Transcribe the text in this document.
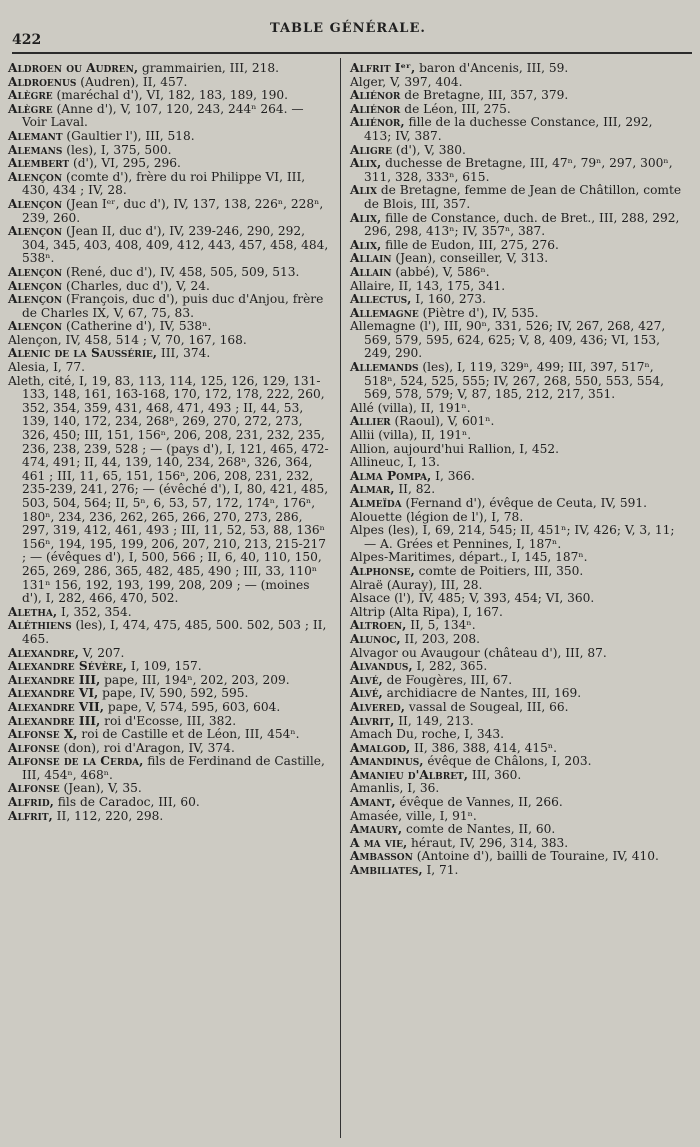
422
TABLE GÉNÉRALE.

Aldroen ou Audren, grammairien, III, 218.

Aldroenus (Audren), II, 457.

Alègre (maréchal d'), VI, 182, 183, 189, 190.

Alègre (Anne d'), V, 107, 120, 243, 244ⁿ 264. — Voir Laval.

Alemant (Gaultier l'), III, 518.

Alemans (les), I, 375, 500.

Alembert (d'), VI, 295, 296.

Alençon (comte d'), frère du roi Philippe VI, III, 430, 434 ; IV, 28.

Alençon (Jean Iᵉʳ, duc d'), IV, 137, 138, 226ⁿ, 228ⁿ, 239, 260.

Alençon (Jean II, duc d'), IV, 239-246, 290, 292, 304, 345, 403, 408, 409, 412, 443, 457, 458, 484, 538ⁿ.

Alençon (René, duc d'), IV, 458, 505, 509, 513.

Alençon (Charles, duc d'), V, 24.

Alençon (François, duc d'), puis duc d'Anjou, frère de Charles IX, V, 67, 75, 83.

Alençon (Catherine d'), IV, 538ⁿ.

Alençon, IV, 458, 514 ; V, 70, 167, 168.

Alenic de la Saussérie, III, 374.

Alesia, I, 77.

Aleth, cité, I, 19, 83, 113, 114, 125, 126, 129, 131-133, 148, 161, 163-168, 170, 172, 178, 222, 260, 352, 354, 359, 431, 468, 471, 493 ; II, 44, 53, 139, 140, 172, 234, 268ⁿ, 269, 270, 272, 273, 326, 450; III, 151, 156ⁿ, 206, 208, 231, 232, 235, 236, 238, 239, 528 ; — (pays d'), I, 121, 465, 472-474, 491; II, 44, 139, 140, 234, 268ⁿ, 326, 364, 461 ; III, 11, 65, 151, 156ⁿ, 206, 208, 231, 232, 235-239, 241, 276; — (évêché d'), I, 80, 421, 485, 503, 504, 564; II, 5ⁿ, 6, 53, 57, 172, 174ⁿ, 176ⁿ, 180ⁿ, 234, 236, 262, 265, 266, 270, 273, 286, 297, 319, 412, 461, 493 ; III, 11, 52, 53, 88, 136ⁿ 156ⁿ, 194, 195, 199, 206, 207, 210, 213, 215-217 ; — (évêques d'), I, 500, 566 ; II, 6, 40, 110, 150, 265, 269, 286, 365, 482, 485, 490 ; III, 33, 110ⁿ 131ⁿ 156, 192, 193, 199, 208, 209 ; — (moines d'), I, 282, 466, 470, 502.

Aletha, I, 352, 354.

Aléthiens (les), I, 474, 475, 485, 500. 502, 503 ; II, 465.

Alexandre, V, 207.

Alexandre Sévère, I, 109, 157.

Alexandre III, pape, III, 194ⁿ, 202, 203, 209.

Alexandre VI, pape, IV, 590, 592, 595.

Alexandre VII, pape, V, 574, 595, 603, 604.

Alexandre III, roi d'Ecosse, III, 382.

Alfonse X, roi de Castille et de Léon, III, 454ⁿ.

Alfonse (don), roi d'Aragon, IV, 374.

Alfonse de la Cerda, fils de Ferdinand de Castille, III, 454ⁿ, 468ⁿ.

Alfonse (Jean), V, 35.

Alfrid, fils de Caradoc, III, 60.

Alfrit, II, 112, 220, 298.

Alfrit Iᵉʳ, baron d'Ancenis, III, 59.

Alger, V, 397, 404.

Aliénor de Bretagne, III, 357, 379.

Aliénor de Léon, III, 275.

Aliénor, fille de la duchesse Constance, III, 292, 413; IV, 387.

Aligre (d'), V, 380.

Alix, duchesse de Bretagne, III, 47ⁿ, 79ⁿ, 297, 300ⁿ, 311, 328, 333ⁿ, 615.

Alix de Bretagne, femme de Jean de Châtillon, comte de Blois, III, 357.

Alix, fille de Constance, duch. de Bret., III, 288, 292, 296, 298, 413ⁿ; IV, 357ⁿ, 387.

Alix, fille de Eudon, III, 275, 276.

Allain (Jean), conseiller, V, 313.

Allain (abbé), V, 586ⁿ.

Allaire, II, 143, 175, 341.

Allectus, I, 160, 273.

Allemagne (Piètre d'), IV, 535.

Allemagne (l'), III, 90ⁿ, 331, 526; IV, 267, 268, 427, 569, 579, 595, 624, 625; V, 8, 409, 436; VI, 153, 249, 290.

Allemands (les), I, 119, 329ⁿ, 499; III, 397, 517ⁿ, 518ⁿ, 524, 525, 555; IV, 267, 268, 550, 553, 554, 569, 578, 579; V, 87, 185, 212, 217, 351.

Allé (villa), II, 191ⁿ.

Allier (Raoul), V, 601ⁿ.

Allii (villa), II, 191ⁿ.

Allion, aujourd'hui Rallion, I, 452.

Allineuc, I, 13.

Alma Pompa, I, 366.

Almar, II, 82.

Almeïda (Fernand d'), évêque de Ceuta, IV, 591.

Alouette (légion de l'), I, 78.

Alpes (les), I, 69, 214, 545; II, 451ⁿ; IV, 426; V, 3, 11; — A. Grées et Pennines, I, 187ⁿ.

Alpes-Maritimes, départ., I, 145, 187ⁿ.

Alphonse, comte de Poitiers, III, 350.

Alraë (Auray), III, 28.

Alsace (l'), IV, 485; V, 393, 454; VI, 360.

Altrip (Alta Ripa), I, 167.

Altroen, II, 5, 134ⁿ.

Alunoc, II, 203, 208.

Alvagor ou Avaugour (château d'), III, 87.

Alvandus, I, 282, 365.

Alvé, de Fougères, III, 67.

Alvé, archidiacre de Nantes, III, 169.

Alvered, vassal de Sougeal, III, 66.

Alvrit, II, 149, 213.

Amach Du, roche, I, 343.

Amalgod, II, 386, 388, 414, 415ⁿ.

Amandinus, évêque de Châlons, I, 203.

Amanieu d'Albret, III, 360.

Amanlis, I, 36.

Amant, évêque de Vannes, II, 266.

Amasée, ville, I, 91ⁿ.

Amaury, comte de Nantes, II, 60.

A ma vie, héraut, IV, 296, 314, 383.

Ambasson (Antoine d'), bailli de Touraine, IV, 410.

Ambiliates, I, 71.
